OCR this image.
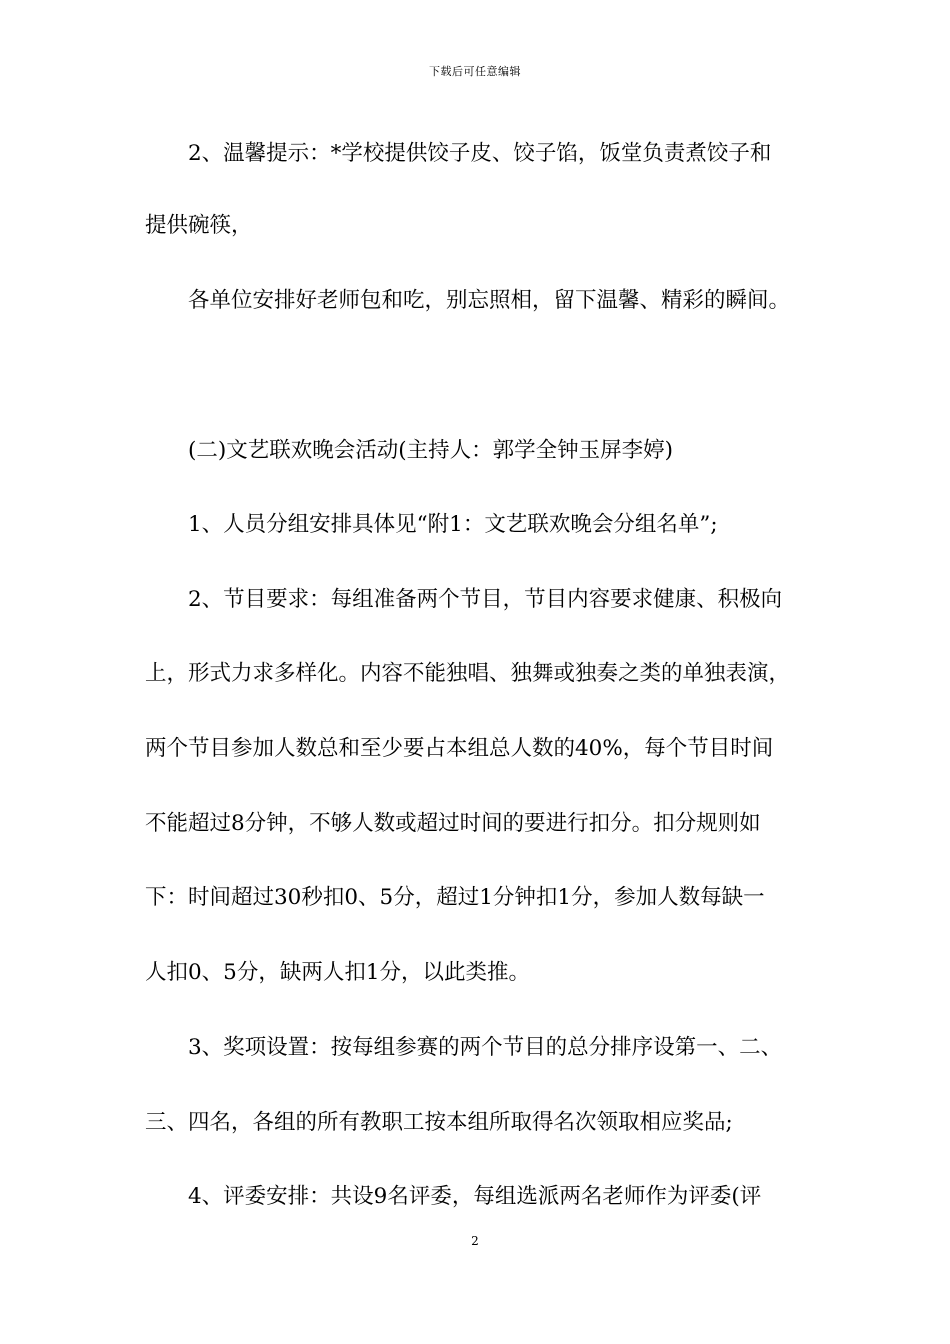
下载后可任意编辑
2、温馨提示：*学校提供饺子皮、饺子馅，饭堂负责煮饺子和
提供碗筷，
各单位安排好老师包和吃，别忘照相，留下温馨、精彩的瞬间。
(二)文艺联欢晚会活动(主持人：郭学全钟玉屏李婷)
1、人员分组安排具体见“附1：文艺联欢晚会分组名单”;
2、节目要求：每组准备两个节目，节目内容要求健康、积极向
上，形式力求多样化。内容不能独唱、独舞或独奏之类的单独表演，
两个节目参加人数总和至少要占本组总人数的40%，每个节目时间
不能超过8分钟，不够人数或超过时间的要进行扣分。扣分规则如
下：时间超过30秒扣0、5分，超过1分钟扣1分，参加人数每缺一
人扣0、5分，缺两人扣1分，以此类推。
3、奖项设置：按每组参赛的两个节目的总分排序设第一、二、
三、四名，各组的所有教职工按本组所取得名次领取相应奖品;
4、评委安排：共设9名评委，每组选派两名老师作为评委(评
2
